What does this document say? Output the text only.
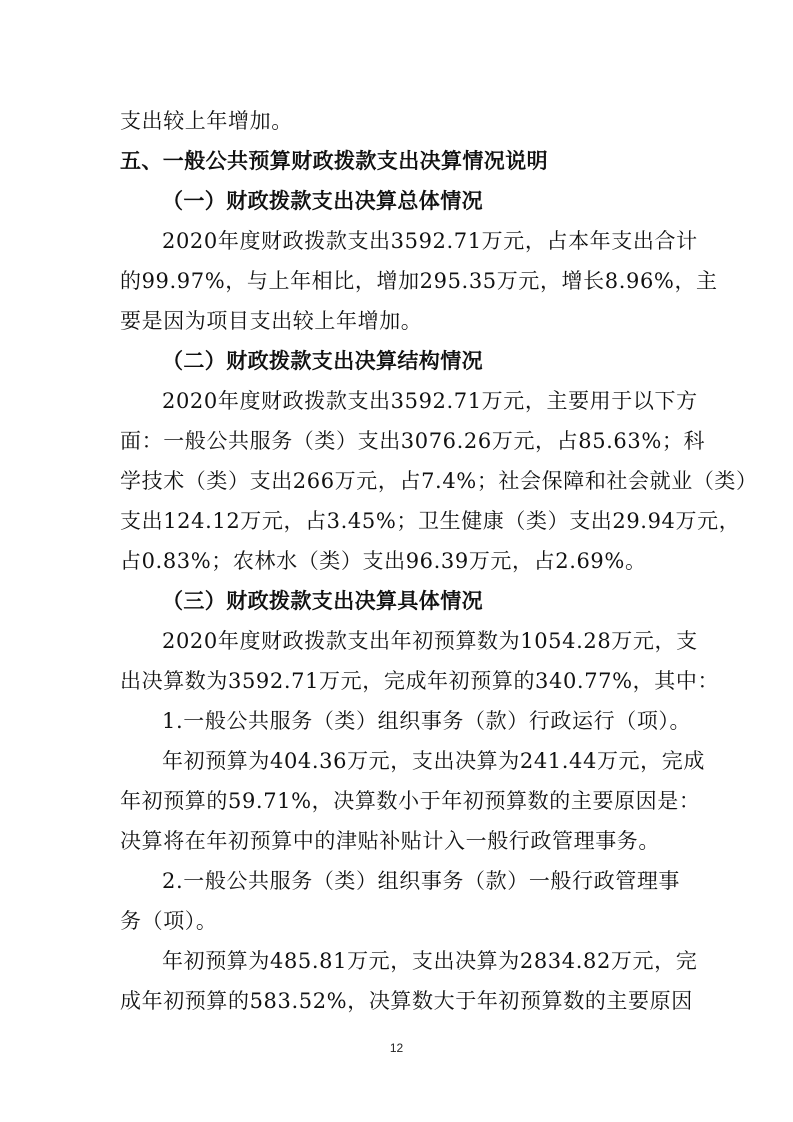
支出较上年增加。
五、一般公共预算财政拨款支出决算情况说明
（一）财政拨款支出决算总体情况
2020年度财政拨款支出3592.71万元，占本年支出合计
的99.97%，与上年相比，增加295.35万元，增长8.96%，主
要是因为项目支出较上年增加。
（二）财政拨款支出决算结构情况
2020年度财政拨款支出3592.71万元，主要用于以下方
面：一般公共服务（类）支出3076.26万元，占85.63%；科
学技术（类）支出266万元，占7.4%；社会保障和社会就业（类）
支出124.12万元，占3.45%；卫生健康（类）支出29.94万元，
占0.83%；农林水（类）支出96.39万元，占2.69%。
（三）财政拨款支出决算具体情况
2020年度财政拨款支出年初预算数为1054.28万元，支
出决算数为3592.71万元，完成年初预算的340.77%，其中：
1.一般公共服务（类）组织事务（款）行政运行（项）。
年初预算为404.36万元，支出决算为241.44万元，完成
年初预算的59.71%，决算数小于年初预算数的主要原因是：
决算将在年初预算中的津贴补贴计入一般行政管理事务。
2.一般公共服务（类）组织事务（款）一般行政管理事
务（项）。
年初预算为485.81万元，支出决算为2834.82万元，完
成年初预算的583.52%，决算数大于年初预算数的主要原因
12
